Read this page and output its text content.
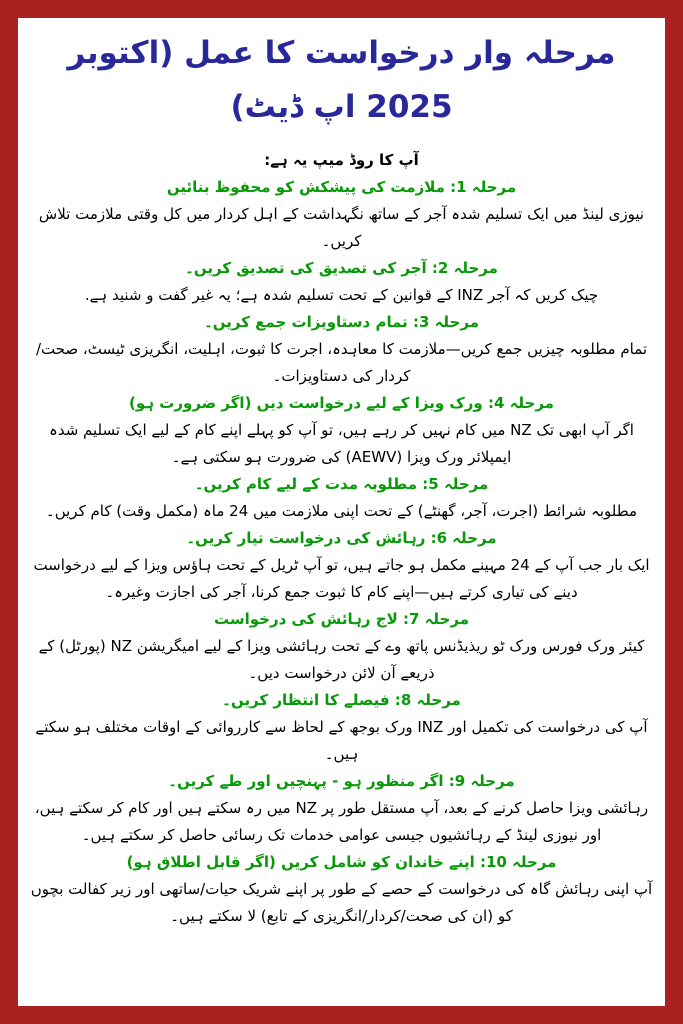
مرحلہ وار درخواست کا عمل (اکتوبر 2025 اپ ڈیٹ)

آپ کا روڈ میپ یہ ہے:

مرحلہ 1: ملازمت کی پیشکش کو محفوظ بنائیں

نیوزی لینڈ میں ایک تسلیم شدہ آجر کے ساتھ نگہداشت کے اہل کردار میں کل وقتی ملازمت تلاش کریں۔

مرحلہ 2: آجر کی تصدیق کی تصدیق کریں۔

چیک کریں کہ آجر INZ کے قوانین کے تحت تسلیم شدہ ہے؛ یہ غیر گفت و شنید ہے.

مرحلہ 3: تمام دستاویزات جمع کریں۔

تمام مطلوبہ چیزیں جمع کریں—ملازمت کا معاہدہ، اجرت کا ثبوت، اہلیت، انگریزی ٹیسٹ، صحت/کردار کی دستاویزات۔

مرحلہ 4: ورک ویزا کے لیے درخواست دیں (اگر ضرورت ہو)

اگر آپ ابھی تک NZ میں کام نہیں کر رہے ہیں، تو آپ کو پہلے اپنے کام کے لیے ایک تسلیم شدہ ایمپلائر ورک ویزا (AEWV) کی ضرورت ہو سکتی ہے۔

مرحلہ 5: مطلوبہ مدت کے لیے کام کریں۔

مطلوبہ شرائط (اجرت، آجر، گھنٹے) کے تحت اپنی ملازمت میں 24 ماہ (مکمل وقت) کام کریں۔

مرحلہ 6: رہائش کی درخواست تیار کریں۔

ایک بار جب آپ کے 24 مہینے مکمل ہو جاتے ہیں، تو آپ ٹریل کے تحت ہاؤس ویزا کے لیے درخواست دینے کی تیاری کرتے ہیں—اپنے کام کا ثبوت جمع کرنا، آجر کی اجازت وغیرہ۔

مرحلہ 7: لاج رہائش کی درخواست

کیئر ورک فورس ورک ٹو ریذیڈنس پاتھ وے کے تحت رہائشی ویزا کے لیے امیگریشن NZ (پورٹل) کے ذریعے آن لائن درخواست دیں۔

مرحلہ 8: فیصلے کا انتظار کریں۔

آپ کی درخواست کی تکمیل اور INZ ورک بوجھ کے لحاظ سے کارروائی کے اوقات مختلف ہو سکتے ہیں۔

مرحلہ 9: اگر منظور ہو - پہنچیں اور طے کریں۔

رہائشی ویزا حاصل کرنے کے بعد، آپ مستقل طور پر NZ میں رہ سکتے ہیں اور کام کر سکتے ہیں، اور نیوزی لینڈ کے رہائشیوں جیسی عوامی خدمات تک رسائی حاصل کر سکتے ہیں۔

مرحلہ 10: اپنے خاندان کو شامل کریں (اگر قابل اطلاق ہو)

آپ اپنی رہائش گاہ کی درخواست کے حصے کے طور پر اپنے شریک حیات/ساتھی اور زیر کفالت بچوں کو (ان کی صحت/کردار/انگریزی کے تابع) لا سکتے ہیں۔
